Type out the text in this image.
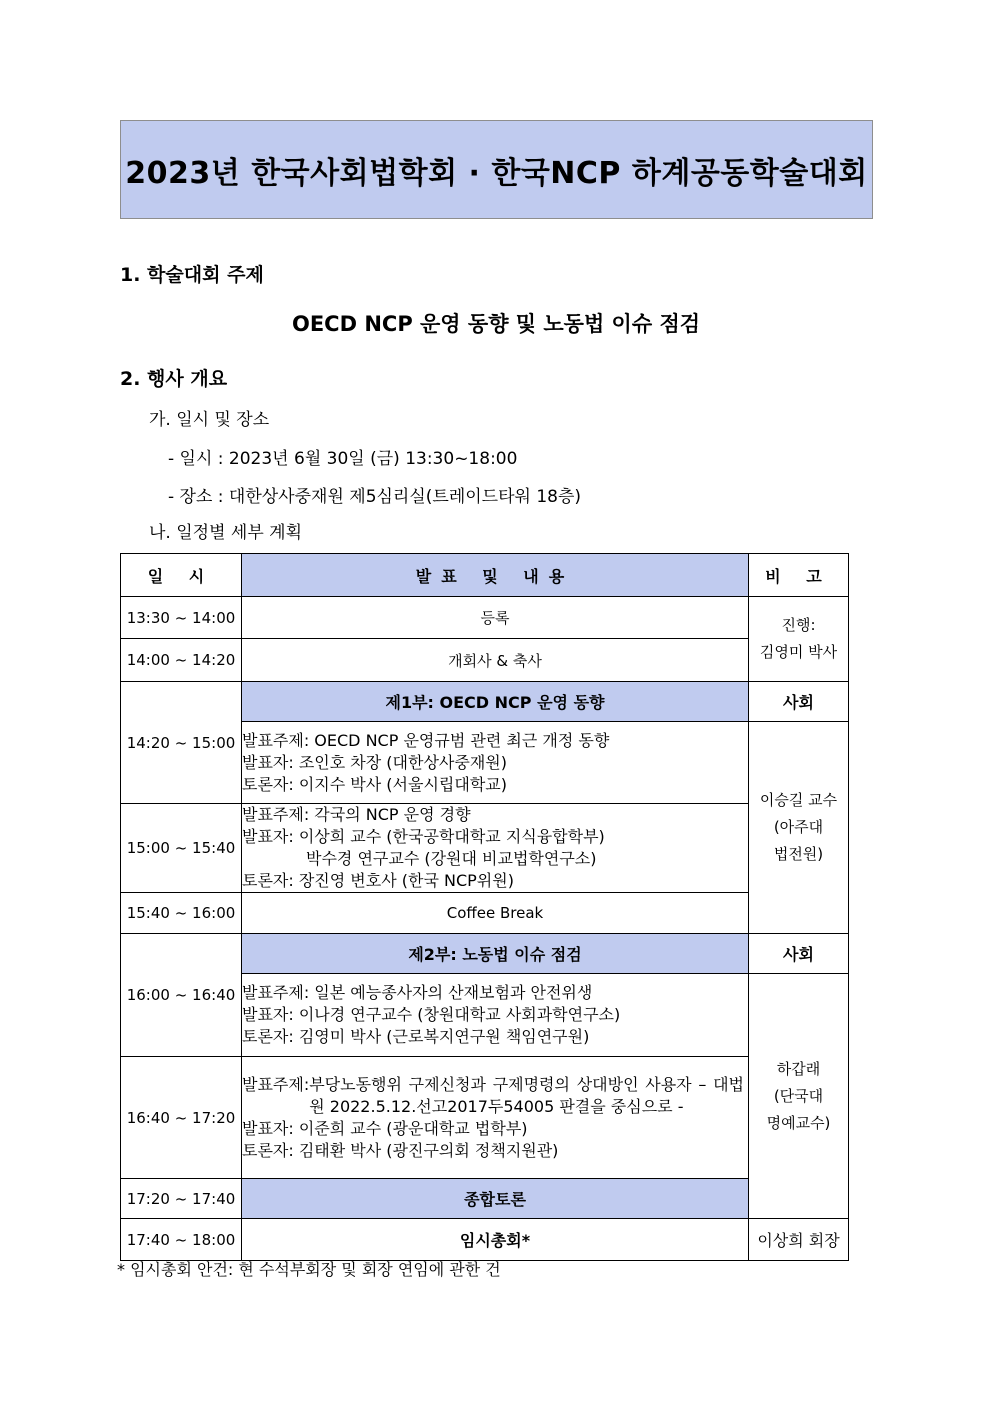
2023년 한국사회법학회 · 한국NCP 하계공동학술대회
1. 학술대회 주제
OECD NCP 운영 동향 및 노동법 이슈 점검
2. 행사 개요
가. 일시 및 장소
- 일시 : 2023년 6월 30일 (금) 13:30~18:00
- 장소 : 대한상사중재원 제5심리실(트레이드타워 18층)
나. 일정별 세부 계획
일 시	발표 및 내용	비 고
13:30 ~ 14:00	등록	진행:
김영미 박사

14:00 ~ 14:20	개회사 & 축사	
14:20 ~ 15:00	제1부: OECD NCP 운영 동향	사회

	발표주제: OECD NCP 운영규범 관련 최근 개정 동향
발표자: 조인호 차장 (대한상사중재원)
토론자: 이지수 박사 (서울시립대학교)	이승길 교수
(아주대
법전원)

15:00 ~ 15:40	발표주제: 각국의 NCP 운영 경향
발표자: 이상희 교수 (한국공학대학교 지식융합학부)
박수경 연구교수 (강원대 비교법학연구소)
토론자: 장진영 변호사 (한국 NCP위원)	

15:40 ~ 16:00	Coffee Break	
16:00 ~ 16:40	제2부: 노동법 이슈 점검	사회

	발표주제: 일본 예능종사자의 산재보험과 안전위생
발표자: 이나경 연구교수 (창원대학교 사회과학연구소)
토론자: 김영미 박사 (근로복지연구원 책임연구원)	하갑래
(단국대
명예교수)

16:40 ~ 17:20	발표주제: 부당노동행위 구제신청과 구제명령의 상대방인 사용자 – 대법원 2022.5.12.선고2017두54005 판결을 중심으로 -
발표자: 이준희 교수 (광운대학교 법학부)
토론자: 김태환 박사 (광진구의회 정책지원관)	

17:20 ~ 17:40	종합토론	
17:40 ~ 18:00	임시총회*	이상희 회장
* 임시총회 안건: 현 수석부회장 및 회장 연임에 관한 건
